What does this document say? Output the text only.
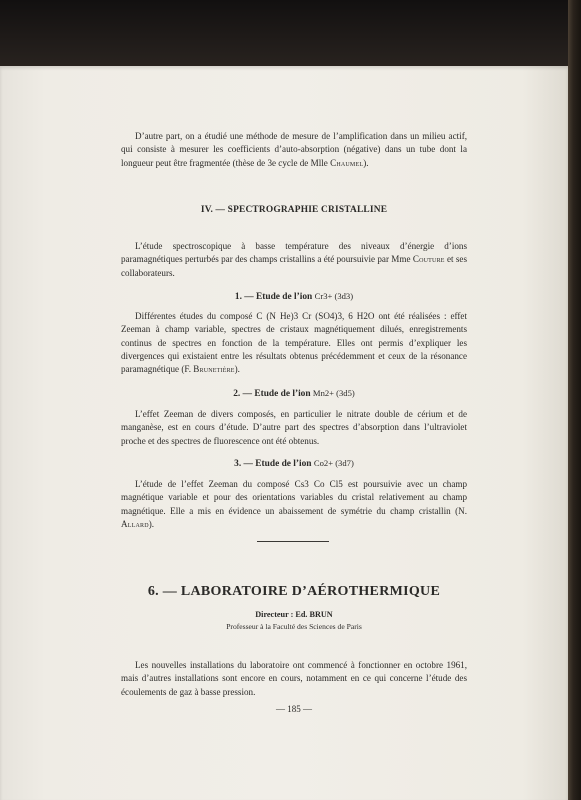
D’autre part, on a étudié une méthode de mesure de l’amplification dans un milieu actif, qui consiste à mesurer les coefficients d’auto-absorption (négative) dans un tube dont la longueur peut être fragmentée (thèse de 3e cycle de Mlle Chaumel).

IV. — SPECTROGRAPHIE CRISTALLINE

L’étude spectroscopique à basse température des niveaux d’énergie d’ions paramagnétiques perturbés par des champs cristallins a été poursuivie par Mme Couture et ses collaborateurs.

1. — Etude de l’ion Cr3+ (3d3)

Différentes études du composé C (N He)3 Cr (SO4)3, 6 H2O ont été réalisées : effet Zeeman à champ variable, spectres de cristaux magnétiquement dilués, enregistrements continus de spectres en fonction de la température. Elles ont permis d’expliquer les divergences qui existaient entre les résultats obtenus précédemment et ceux de la résonance paramagnétique (F. Brunetière).

2. — Etude de l’ion Mn2+ (3d5)

L’effet Zeeman de divers composés, en particulier le nitrate double de cérium et de manganèse, est en cours d’étude. D’autre part des spectres d’absorption dans l’ultraviolet proche et des spectres de fluorescence ont été obtenus.

3. — Etude de l’ion Co2+ (3d7)

L’étude de l’effet Zeeman du composé Cs3 Co Cl5 est poursuivie avec un champ magnétique variable et pour des orientations variables du cristal relativement au champ magnétique. Elle a mis en évidence un abaissement de symétrie du champ cristallin (N. Allard).

6. — LABORATOIRE D’AÉROTHERMIQUE

Directeur : Ed. BRUN

Professeur à la Faculté des Sciences de Paris

Les nouvelles installations du laboratoire ont commencé à fonctionner en octobre 1961, mais d’autres installations sont encore en cours, notamment en ce qui concerne l’étude des écoulements de gaz à basse pression.

— 185 —
